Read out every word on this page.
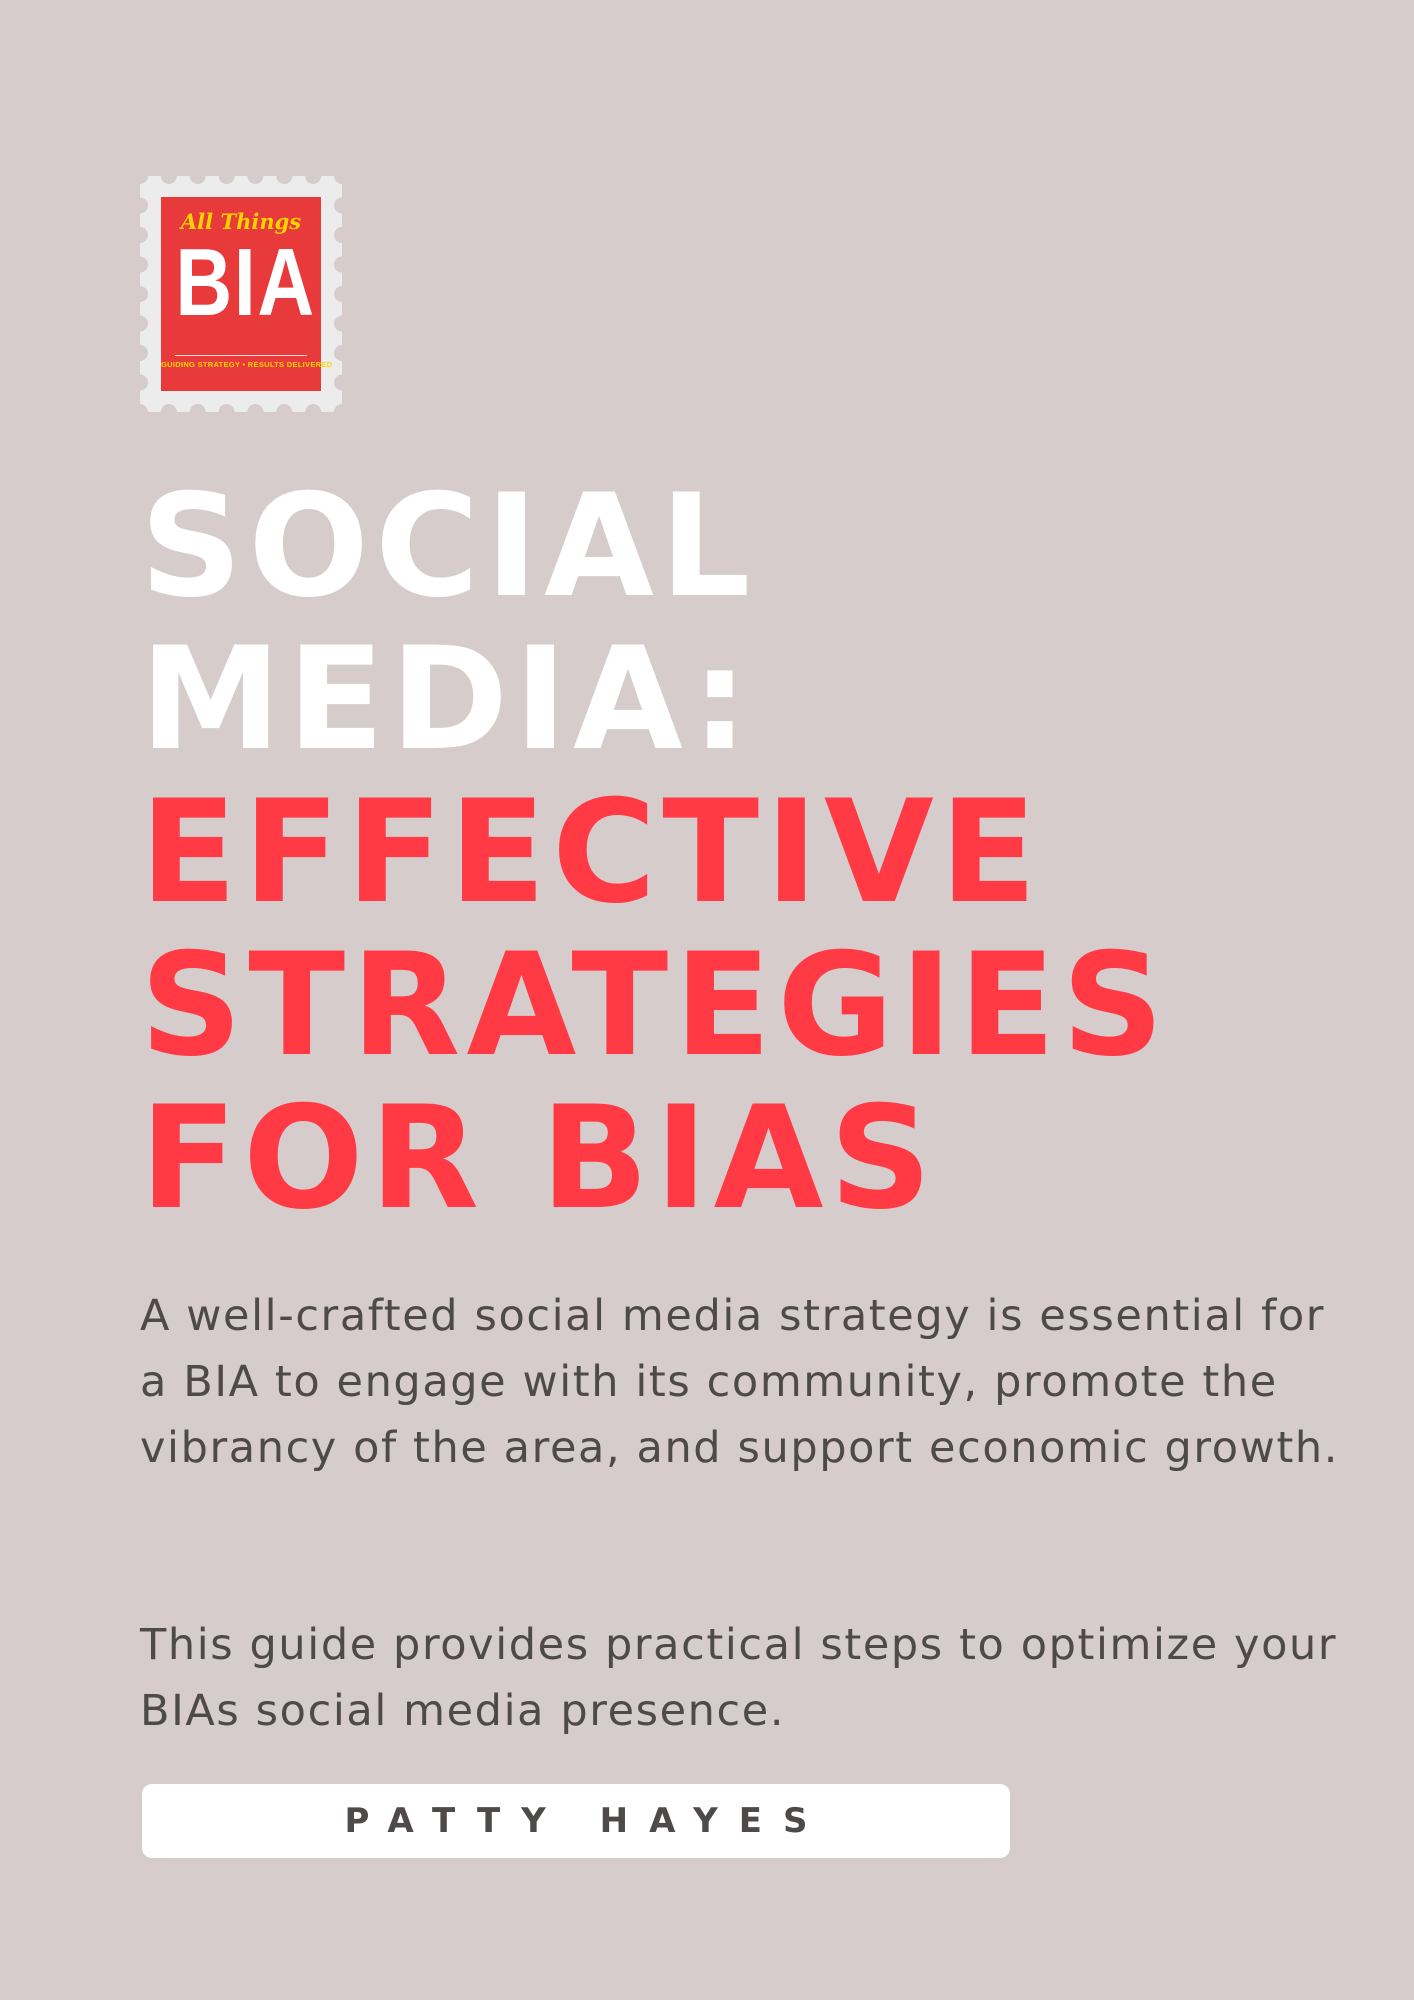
All Things
BIA
GUIDING STRATEGY • RESULTS DELIVERED
SOCIAL
MEDIA:
EFFECTIVE
STRATEGIES
FOR BIAS

A well-crafted social media strategy is essential for a BIA to engage with its community, promote the vibrancy of the area, and support economic growth.

This guide provides practical steps to optimize your BIAs social media presence.

PATTY HAYES
